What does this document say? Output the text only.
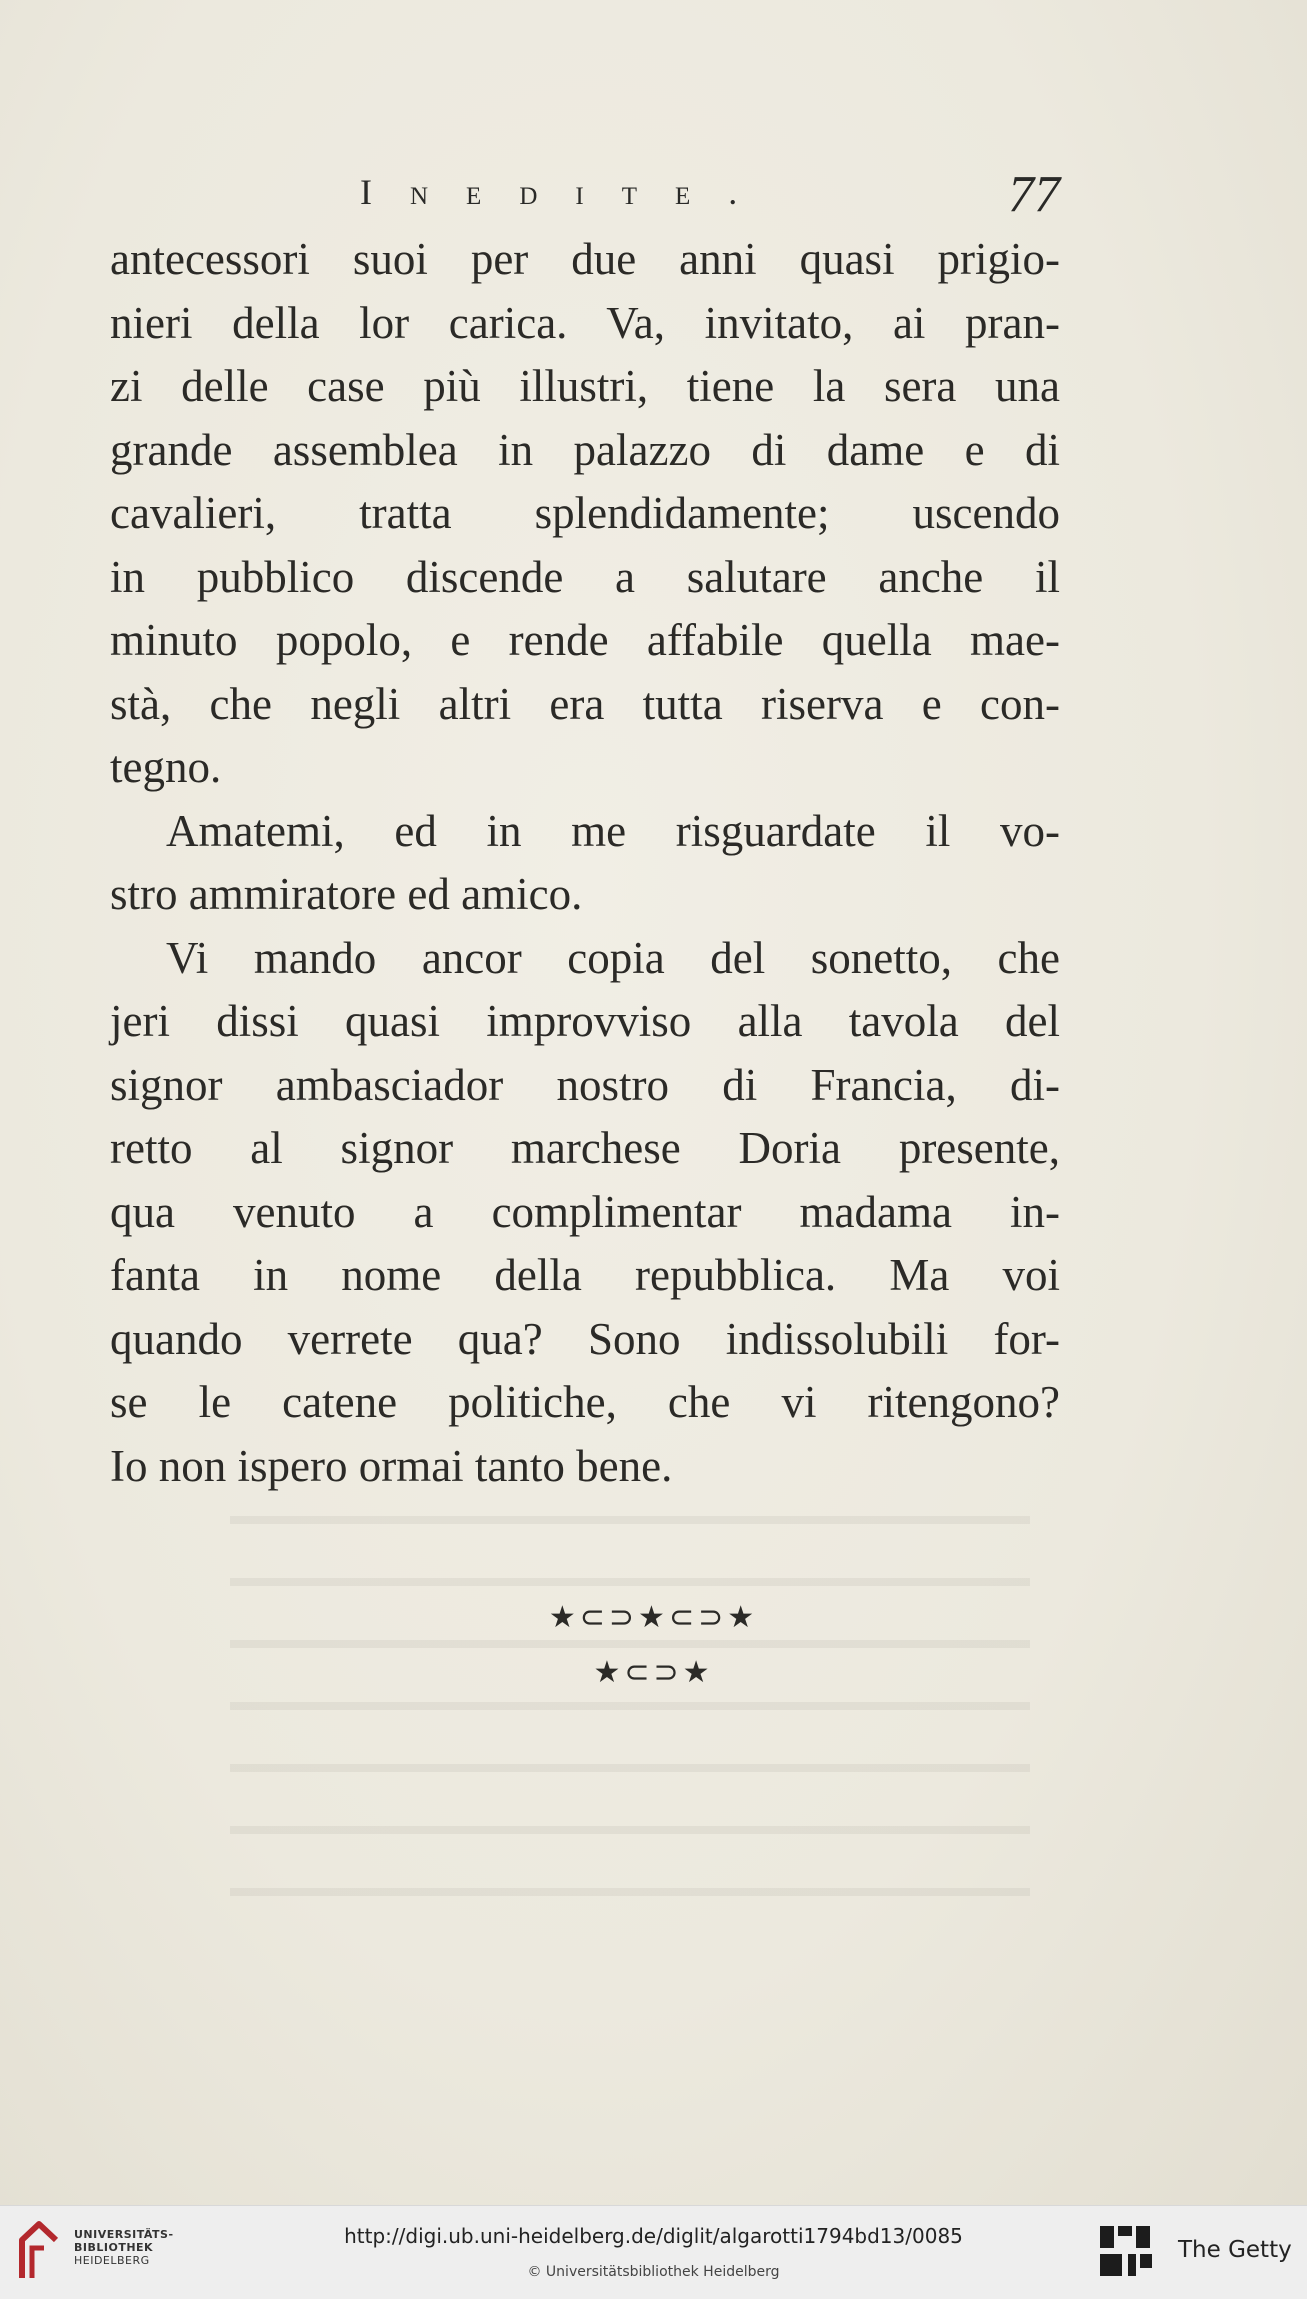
Inedite.	77
antecessori suoi per due anni quasi prigio-
nieri della lor carica. Va, invitato, ai pran-
zi delle case più illustri, tiene la sera una
grande assemblea in palazzo di dame e di
cavalieri, tratta splendidamente; uscendo
in pubblico discende a salutare anche il
minuto popolo, e rende affabile quella mae-
stà, che negli altri era tutta riserva e con-
tegno.
Amatemi, ed in me risguardate il vo-
stro ammiratore ed amico.
Vi mando ancor copia del sonetto, che
jeri dissi quasi improvviso alla tavola del
signor ambasciador nostro di Francia, di-
retto al signor marchese Doria presente,
qua venuto a complimentar madama in-
fanta in nome della repubblica. Ma voi
quando verrete qua? Sono indissolubili for-
se le catene politiche, che vi ritengono?
Io non ispero ormai tanto bene.
★⊂⊃★⊂⊃★
★⊂⊃★
UNIVERSITÄTS-
BIBLIOTHEK
HEIDELBERG
http://digi.ub.uni-heidelberg.de/diglit/algarotti1794bd13/0085
© Universitätsbibliothek Heidelberg
The Getty
